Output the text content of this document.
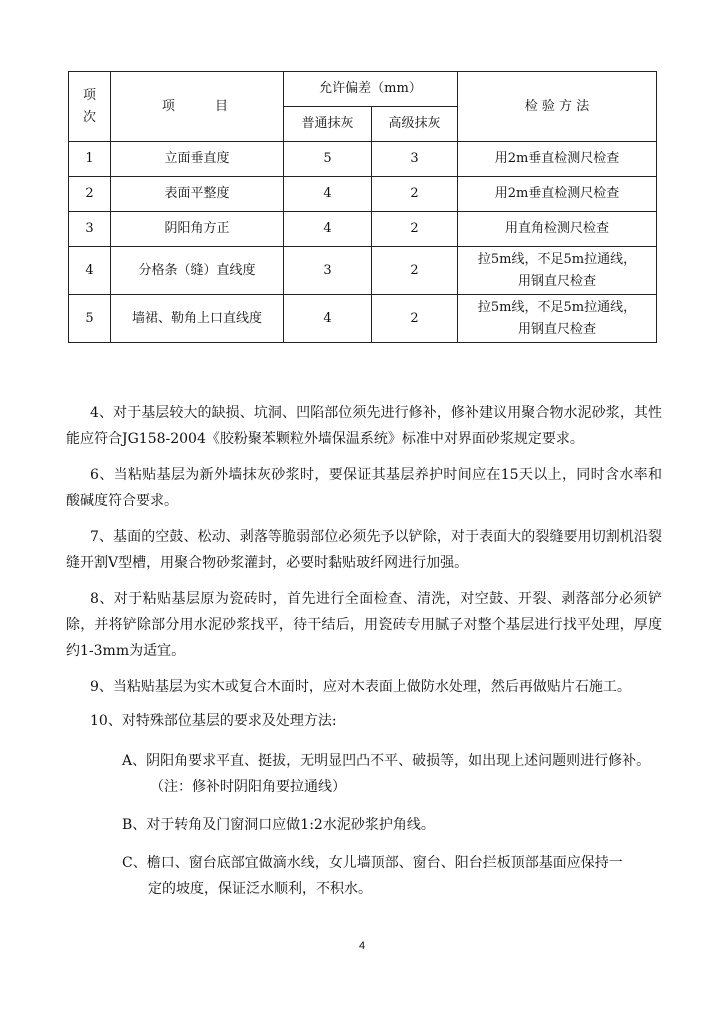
项
次	项 目	允许偏差（mm）		检 验 方 法
		普通抹灰	高级抹灰	
1	立面垂直度	5	3	用2m垂直检测尺检查
2	表面平整度	4	2	用2m垂直检测尺检查
3	阴阳角方正	4	2	用直角检测尺检查
4	分格条（缝）直线度	3	2	拉5m线，不足5m拉通线，
用钢直尺检查
5	墙裙、勒角上口直线度	4	2	拉5m线，不足5m拉通线，
用钢直尺检查

4、对于基层较大的缺损、坑洞、凹陷部位须先进行修补，修补建议用聚合物水泥砂浆，其性能应符合JG158-2004《胶粉聚苯颗粒外墙保温系统》标准中对界面砂浆规定要求。

6、当粘贴基层为新外墙抹灰砂浆时，要保证其基层养护时间应在15天以上，同时含水率和酸碱度符合要求。

7、基面的空鼓、松动、剥落等脆弱部位必须先予以铲除，对于表面大的裂缝要用切割机沿裂缝开割V型槽，用聚合物砂浆灌封，必要时黏贴玻纤网进行加强。

8、对于粘贴基层原为瓷砖时，首先进行全面检查、清洗，对空鼓、开裂、剥落部分必须铲除，并将铲除部分用水泥砂浆找平，待干结后，用瓷砖专用腻子对整个基层进行找平处理，厚度约1-3mm为适宜。

9、当粘贴基层为实木或复合木面时，应对木表面上做防水处理，然后再做贴片石施工。

10、对特殊部位基层的要求及处理方法:

A、阴阳角要求平直、挺拔，无明显凹凸不平、破损等，如出现上述问题则进行修补。

（注：修补时阴阳角要拉通线）

B、对于转角及门窗洞口应做1:2水泥砂浆护角线。

C、檐口、窗台底部宜做滴水线，女儿墙顶部、窗台、阳台拦板顶部基面应保持一

定的坡度，保证泛水顺利，不积水。

4
